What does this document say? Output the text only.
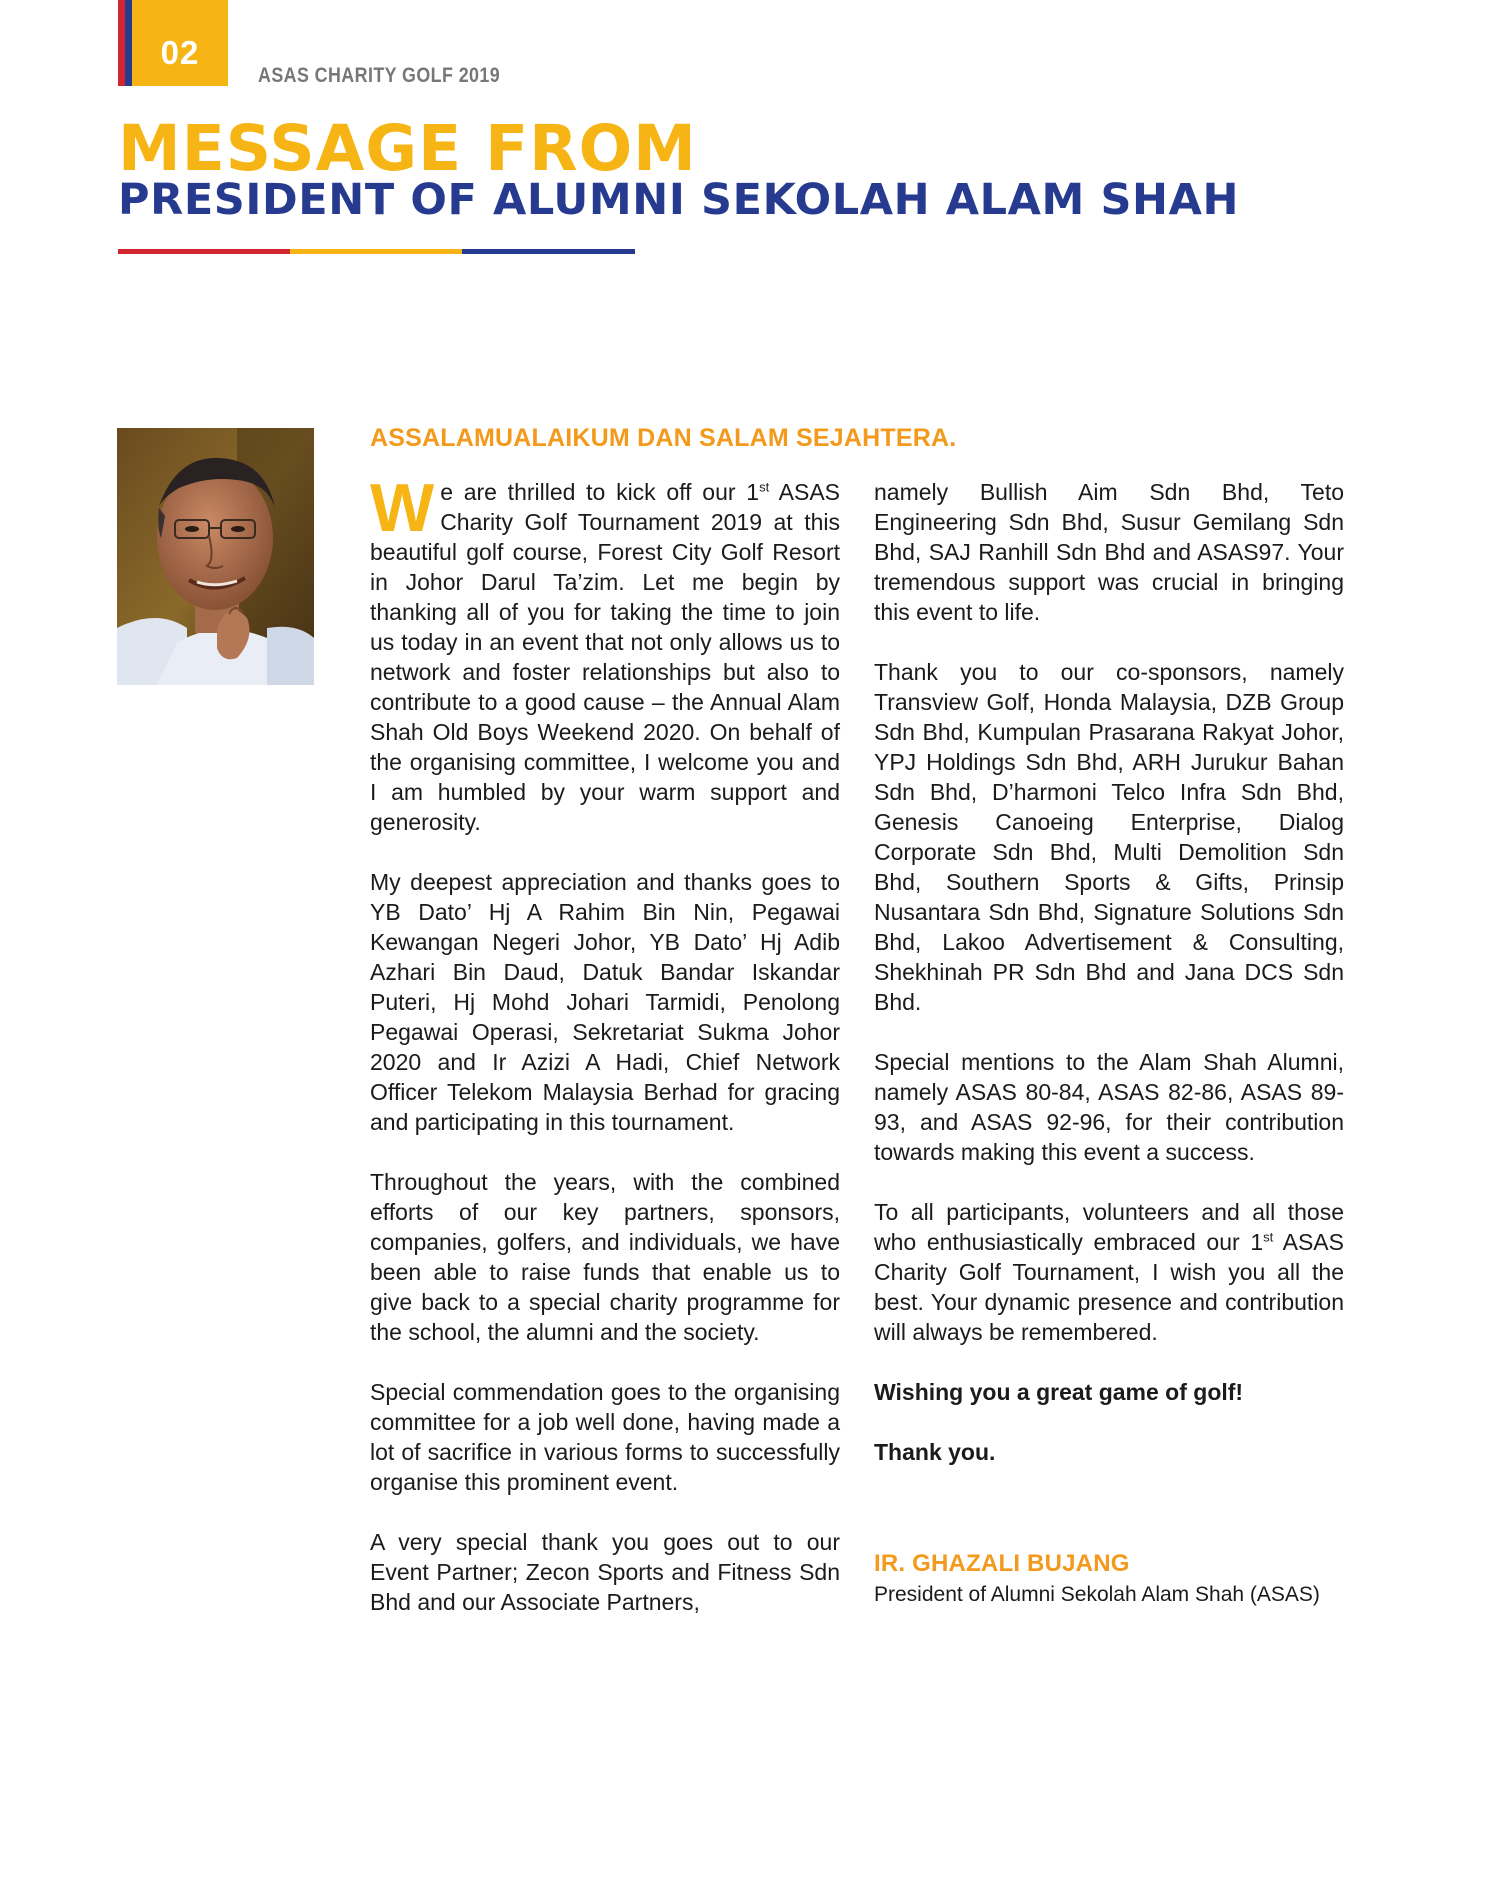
02
ASAS CHARITY GOLF 2019
MESSAGE FROM
PRESIDENT OF ALUMNI SEKOLAH ALAM SHAH
ASSALAMUALAIKUM DAN SALAM SEJAHTERA.

We are thrilled to kick off our 1st ASAS Charity Golf Tournament 2019 at this beautiful golf course, Forest City Golf Resort in Johor Darul Ta’zim. Let me begin by thanking all of you for taking the time to join us today in an event that not only allows us to network and foster relationships but also to contribute to a good cause – the Annual Alam Shah Old Boys Weekend 2020. On behalf of the organising committee, I welcome you and I am humbled by your warm support and generosity.

My deepest appreciation and thanks goes to YB Dato’ Hj A Rahim Bin Nin, Pegawai Kewangan Negeri Johor, YB Dato’ Hj Adib Azhari Bin Daud, Datuk Bandar Iskandar Puteri, Hj Mohd Johari Tarmidi, Penolong Pegawai Operasi, Sekretariat Sukma Johor 2020 and Ir Azizi A Hadi, Chief Network Officer Telekom Malaysia Berhad for gracing and participating in this tournament.

Throughout the years, with the combined efforts of our key partners, sponsors, companies, golfers, and individuals, we have been able to raise funds that enable us to give back to a special charity programme for the school, the alumni and the society.

Special commendation goes to the organising committee for a job well done, having made a lot of sacrifice in various forms to successfully organise this prominent event.

A very special thank you goes out to our Event Partner; Zecon Sports and Fitness Sdn Bhd and our Associate Partners,

namely Bullish Aim Sdn Bhd, Teto Engineering Sdn Bhd, Susur Gemilang Sdn Bhd, SAJ Ranhill Sdn Bhd and ASAS97. Your tremendous support was crucial in bringing this event to life.

Thank you to our co-sponsors, namely Transview Golf, Honda Malaysia, DZB Group Sdn Bhd, Kumpulan Prasarana Rakyat Johor, YPJ Holdings Sdn Bhd, ARH Jurukur Bahan Sdn Bhd, D’harmoni Telco Infra Sdn Bhd, Genesis Canoeing Enterprise, Dialog Corporate Sdn Bhd, Multi Demolition Sdn Bhd, Southern Sports & Gifts, Prinsip Nusantara Sdn Bhd, Signature Solutions Sdn Bhd, Lakoo Advertisement & Consulting, Shekhinah PR Sdn Bhd and Jana DCS Sdn Bhd.

Special mentions to the Alam Shah Alumni, namely ASAS 80-84, ASAS 82-86, ASAS 89-93, and ASAS 92-96, for their contribution towards making this event a success.

To all participants, volunteers and all those who enthusiastically embraced our 1st ASAS Charity Golf Tournament, I wish you all the best. Your dynamic presence and contribution will always be remembered.

Wishing you a great game of golf!

Thank you.

IR. GHAZALI BUJANG
President of Alumni Sekolah Alam Shah (ASAS)
